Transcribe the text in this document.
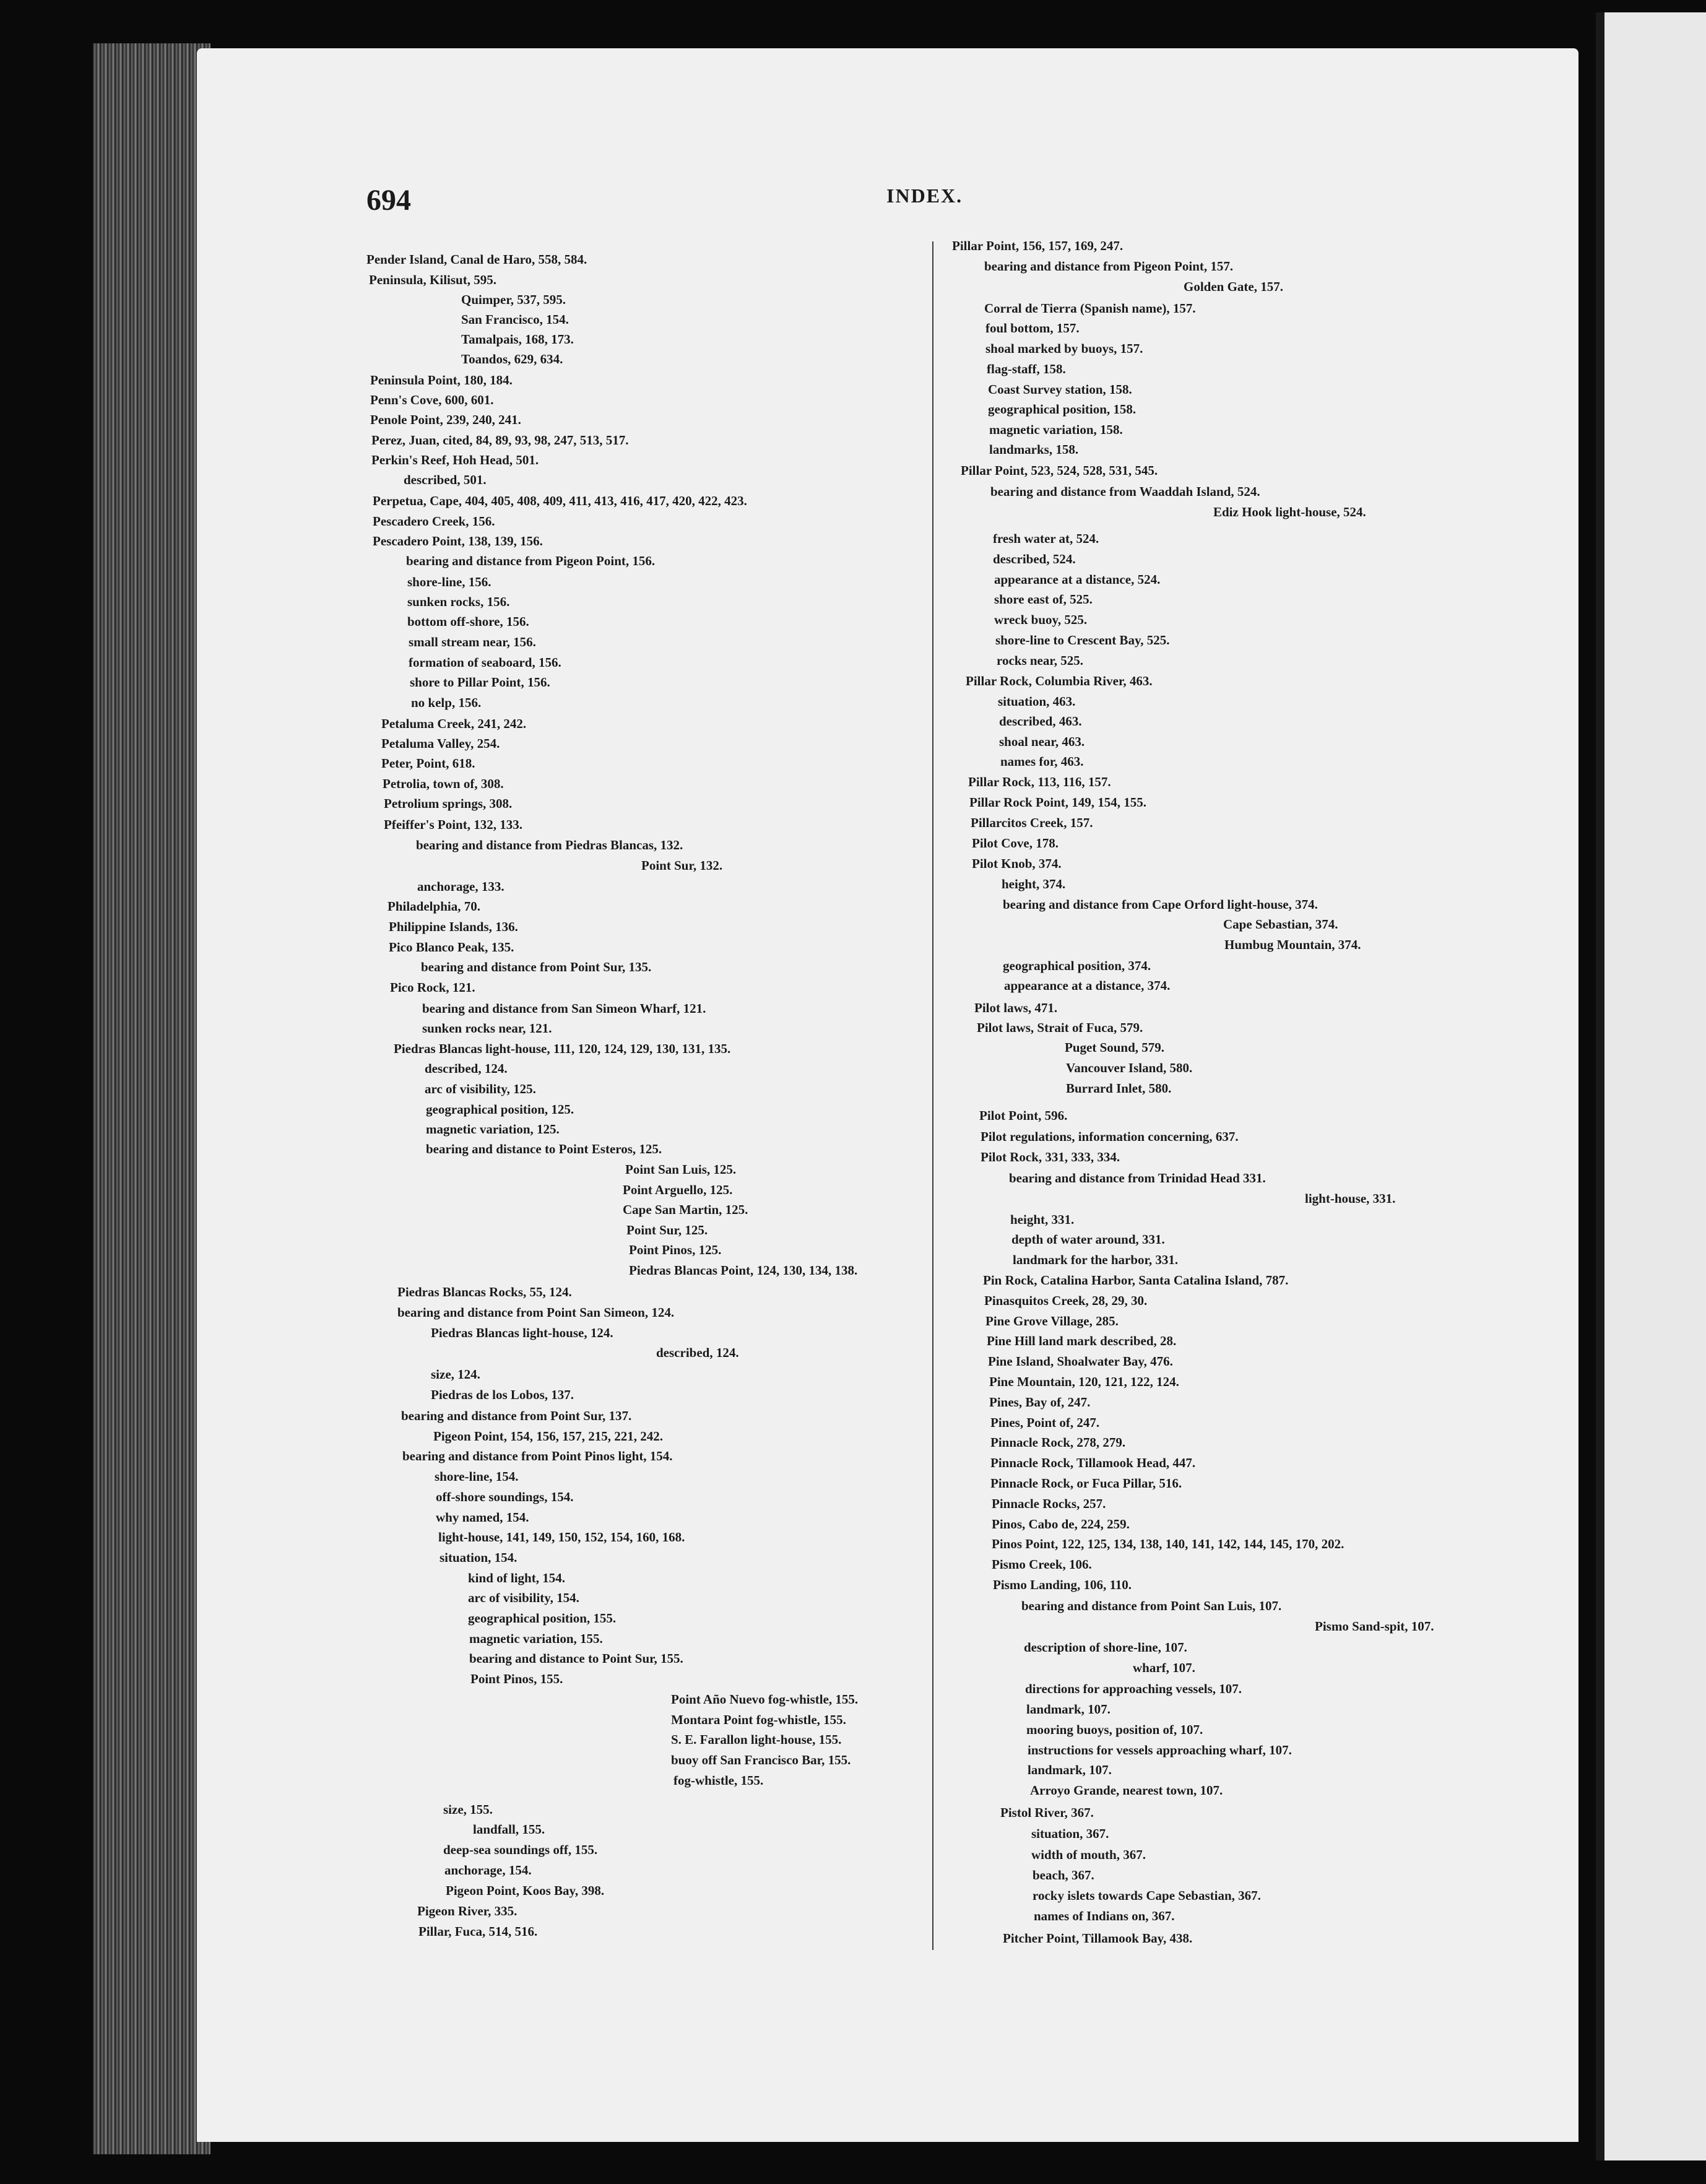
694	INDEX.
Pender Island, Canal de Haro, 558, 584.
Peninsula, Kilisut, 595.
Quimper, 537, 595.
San Francisco, 154.
Tamalpais, 168, 173.
Toandos, 629, 634.
Peninsula Point, 180, 184.
Penn's Cove, 600, 601.
Penole Point, 239, 240, 241.
Perez, Juan, cited, 84, 89, 93, 98, 247, 513, 517.
Perkin's Reef, Hoh Head, 501.
described, 501.
Perpetua, Cape, 404, 405, 408, 409, 411, 413, 416, 417, 420, 422, 423.
Pescadero Creek, 156.
Pescadero Point, 138, 139, 156.
bearing and distance from Pigeon Point, 156.
shore-line, 156.
sunken rocks, 156.
bottom off-shore, 156.
small stream near, 156.
formation of seaboard, 156.
shore to Pillar Point, 156.
no kelp, 156.
Petaluma Creek, 241, 242.
Petaluma Valley, 254.
Peter, Point, 618.
Petrolia, town of, 308.
Petrolium springs, 308.
Pfeiffer's Point, 132, 133.
bearing and distance from Piedras Blancas, 132.
Point Sur, 132.
anchorage, 133.
Philadelphia, 70.
Philippine Islands, 136.
Pico Blanco Peak, 135.
bearing and distance from Point Sur, 135.
Pico Rock, 121.
bearing and distance from San Simeon Wharf, 121.
sunken rocks near, 121.
Piedras Blancas light-house, 111, 120, 124, 129, 130, 131, 135.
described, 124.
arc of visibility, 125.
geographical position, 125.
magnetic variation, 125.
bearing and distance to Point Esteros, 125.
Point San Luis, 125.
Point Arguello, 125.
Cape San Martin, 125.
Point Sur, 125.
Point Pinos, 125.
Piedras Blancas Point, 124, 130, 134, 138.
Piedras Blancas Rocks, 55, 124.
bearing and distance from Point San Simeon, 124.
Piedras Blancas light-house, 124.
described, 124.
size, 124.
Piedras de los Lobos, 137.
bearing and distance from Point Sur, 137.
Pigeon Point, 154, 156, 157, 215, 221, 242.
bearing and distance from Point Pinos light, 154.
shore-line, 154.
off-shore soundings, 154.
why named, 154.
light-house, 141, 149, 150, 152, 154, 160, 168.
situation, 154.
kind of light, 154.
arc of visibility, 154.
geographical position, 155.
magnetic variation, 155.
bearing and distance to Point Sur, 155.
Point Pinos, 155.
Point Año Nuevo fog-whistle, 155.
Montara Point fog-whistle, 155.
S. E. Farallon light-house, 155.
buoy off San Francisco Bar, 155.
fog-whistle, 155.
size, 155.
landfall, 155.
deep-sea soundings off, 155.
anchorage, 154.
Pigeon Point, Koos Bay, 398.
Pigeon River, 335.
Pillar, Fuca, 514, 516.
Pillar Point, 156, 157, 169, 247.
bearing and distance from Pigeon Point, 157.
Golden Gate, 157.
Corral de Tierra (Spanish name), 157.
foul bottom, 157.
shoal marked by buoys, 157.
flag-staff, 158.
Coast Survey station, 158.
geographical position, 158.
magnetic variation, 158.
landmarks, 158.
Pillar Point, 523, 524, 528, 531, 545.
bearing and distance from Waaddah Island, 524.
Ediz Hook light-house, 524.
fresh water at, 524.
described, 524.
appearance at a distance, 524.
shore east of, 525.
wreck buoy, 525.
shore-line to Crescent Bay, 525.
rocks near, 525.
Pillar Rock, Columbia River, 463.
situation, 463.
described, 463.
shoal near, 463.
names for, 463.
Pillar Rock, 113, 116, 157.
Pillar Rock Point, 149, 154, 155.
Pillarcitos Creek, 157.
Pilot Cove, 178.
Pilot Knob, 374.
height, 374.
bearing and distance from Cape Orford light-house, 374.
Cape Sebastian, 374.
Humbug Mountain, 374.
geographical position, 374.
appearance at a distance, 374.
Pilot laws, 471.
Pilot laws, Strait of Fuca, 579.
Puget Sound, 579.
Vancouver Island, 580.
Burrard Inlet, 580.
Pilot Point, 596.
Pilot regulations, information concerning, 637.
Pilot Rock, 331, 333, 334.
bearing and distance from Trinidad Head 331.
light-house, 331.
height, 331.
depth of water around, 331.
landmark for the harbor, 331.
Pin Rock, Catalina Harbor, Santa Catalina Island, 787.
Pinasquitos Creek, 28, 29, 30.
Pine Grove Village, 285.
Pine Hill land mark described, 28.
Pine Island, Shoalwater Bay, 476.
Pine Mountain, 120, 121, 122, 124.
Pines, Bay of, 247.
Pines, Point of, 247.
Pinnacle Rock, 278, 279.
Pinnacle Rock, Tillamook Head, 447.
Pinnacle Rock, or Fuca Pillar, 516.
Pinnacle Rocks, 257.
Pinos, Cabo de, 224, 259.
Pinos Point, 122, 125, 134, 138, 140, 141, 142, 144, 145, 170, 202.
Pismo Creek, 106.
Pismo Landing, 106, 110.
bearing and distance from Point San Luis, 107.
Pismo Sand-spit, 107.
description of shore-line, 107.
wharf, 107.
directions for approaching vessels, 107.
landmark, 107.
mooring buoys, position of, 107.
instructions for vessels approaching wharf, 107.
landmark, 107.
Arroyo Grande, nearest town, 107.
Pistol River, 367.
situation, 367.
width of mouth, 367.
beach, 367.
rocky islets towards Cape Sebastian, 367.
names of Indians on, 367.
Pitcher Point, Tillamook Bay, 438.
